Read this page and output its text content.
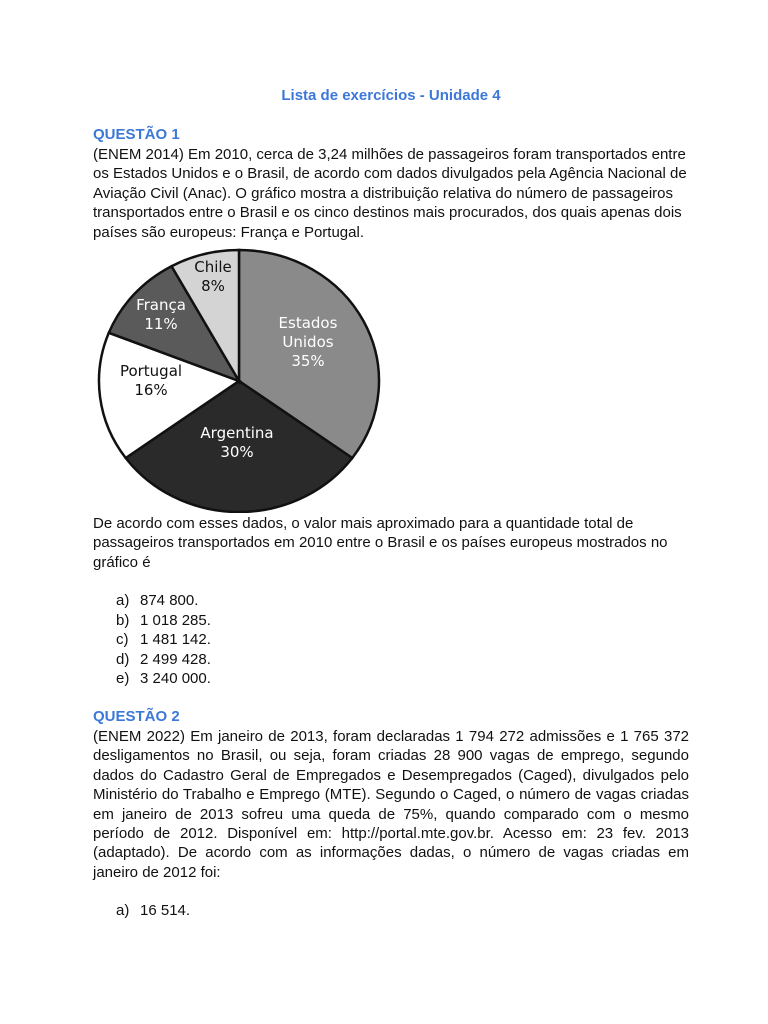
Lista de exercícios - Unidade 4
QUESTÃO 1

(ENEM 2014) Em 2010, cerca de 3,24 milhões de passageiros foram transportados entre os Estados Unidos e o Brasil, de acordo com dados divulgados pela Agência Nacional de Aviação Civil (Anac). O gráfico mostra a distribuição relativa do número de passageiros transportados entre o Brasil e os cinco destinos mais procurados, dos quais apenas dois países são europeus: França e Portugal.

Estados
Unidos
35%
Argentina
30%
Portugal
16%
França
11%
Chile
8%

De acordo com esses dados, o valor mais aproximado para a quantidade total de passageiros transportados em 2010 entre o Brasil e os países europeus mostrados no gráfico é

a) 874 800.
b) 1 018 285.
c) 1 481 142.
d) 2 499 428.
e) 3 240 000.
QUESTÃO 2

(ENEM 2022) Em janeiro de 2013, foram declaradas 1 794 272 admissões e 1 765 372 desligamentos no Brasil, ou seja, foram criadas 28 900 vagas de emprego, segundo dados do Cadastro Geral de Empregados e Desempregados (Caged), divulgados pelo Ministério do Trabalho e Emprego (MTE). Segundo o Caged, o número de vagas criadas em janeiro de 2013 sofreu uma queda de 75%, quando comparado com o mesmo período de 2012. Disponível em: http://portal.mte.gov.br. Acesso em: 23 fev. 2013 (adaptado). De acordo com as informações dadas, o número de vagas criadas em janeiro de 2012 foi:

a) 16 514.
